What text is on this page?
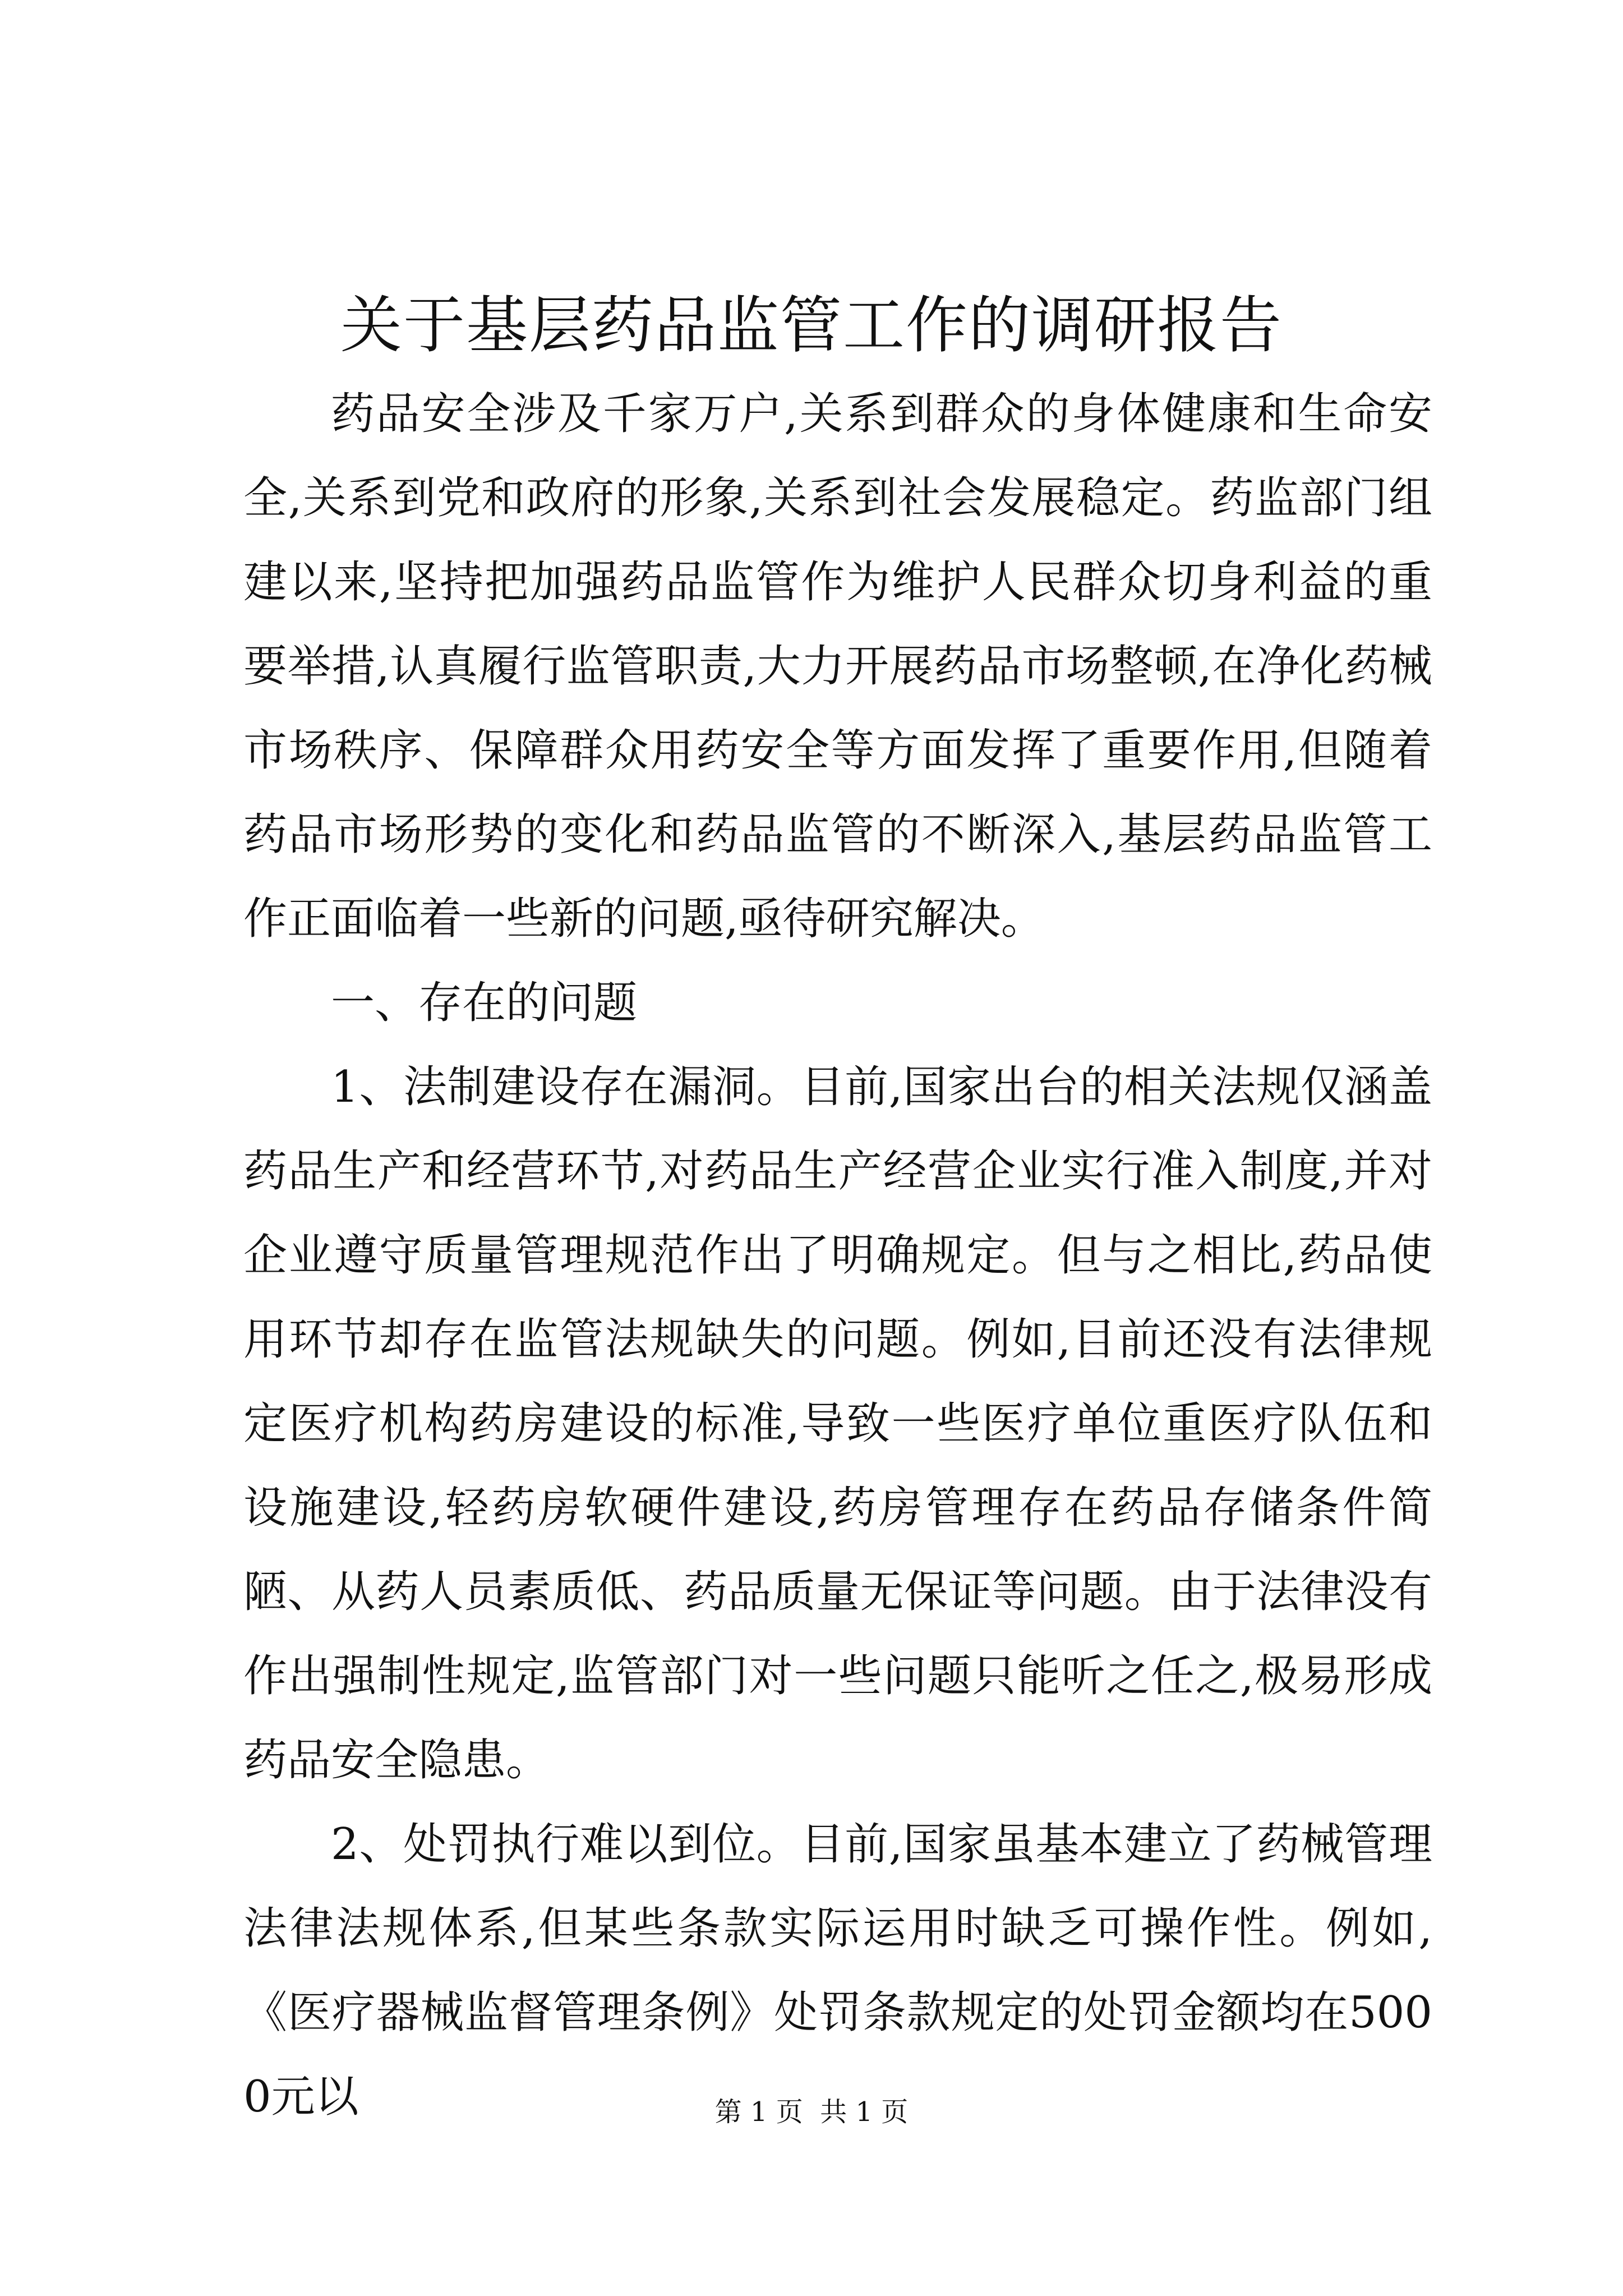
关于基层药品监管工作的调研报告

药品安全涉及千家万户,关系到群众的身体健康和生命安全,关系到党和政府的形象,关系到社会发展稳定。药监部门组建以来,坚持把加强药品监管作为维护人民群众切身利益的重要举措,认真履行监管职责,大力开展药品市场整顿,在净化药械市场秩序、保障群众用药安全等方面发挥了重要作用,但随着药品市场形势的变化和药品监管的不断深入,基层药品监管工作正面临着一些新的问题,亟待研究解决。

一、存在的问题

1、法制建设存在漏洞。目前,国家出台的相关法规仅涵盖药品生产和经营环节,对药品生产经营企业实行准入制度,并对企业遵守质量管理规范作出了明确规定。但与之相比,药品使用环节却存在监管法规缺失的问题。例如,目前还没有法律规定医疗机构药房建设的标准,导致一些医疗单位重医疗队伍和设施建设,轻药房软硬件建设,药房管理存在药品存储条件简陋、从药人员素质低、药品质量无保证等问题。由于法律没有作出强制性规定,监管部门对一些问题只能听之任之,极易形成药品安全隐患。

2、处罚执行难以到位。目前,国家虽基本建立了药械管理法律法规体系,但某些条款实际运用时缺乏可操作性。例如,《医疗器械监督管理条例》处罚条款规定的处罚金额均在5000元以	第 1 页  共 1 页
